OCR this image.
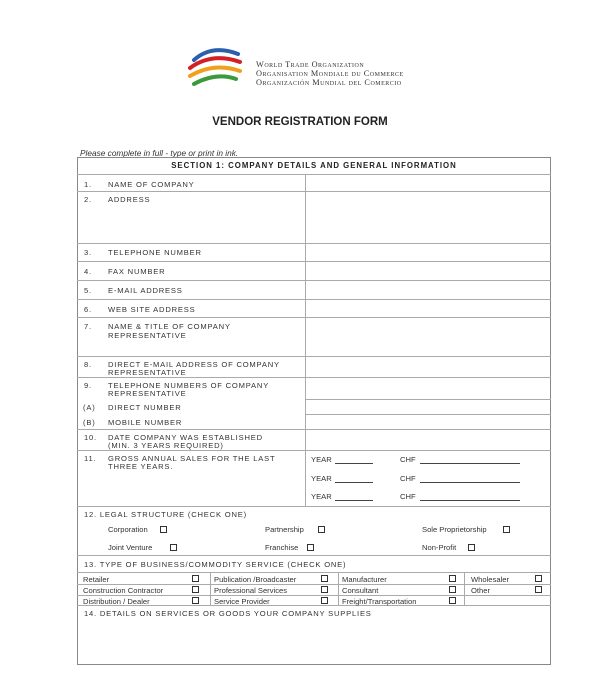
World Trade Organization
Organisation Mondiale du Commerce
Organización Mundial del Comercio
VENDOR REGISTRATION FORM
Please complete in full - type or print in ink.
SECTION 1: COMPANY DETAILS AND GENERAL INFORMATION
1. NAME OF COMPANY
2. ADDRESS
3. TELEPHONE NUMBER
4. FAX NUMBER
5. E-MAIL ADDRESS
6. WEB SITE ADDRESS
7. NAME & TITLE OF COMPANY
REPRESENTATIVE
8. DIRECT E-MAIL ADDRESS OF COMPANY
REPRESENTATIVE
9. TELEPHONE NUMBERS OF COMPANY
REPRESENTATIVE
(A) DIRECT NUMBER
(B) MOBILE NUMBER
10. DATE COMPANY WAS ESTABLISHED
(MIN. 3 YEARS REQUIRED)
11. GROSS ANNUAL SALES FOR THE LAST
THREE YEARS.
YEAR	CHF
YEAR	CHF
YEAR	CHF
12. LEGAL STRUCTURE (CHECK ONE)
Corporation	Partnership	Sole Proprietorship
Joint Venture	Franchise	Non-Profit
13. TYPE OF BUSINESS/COMMODITY SERVICE (CHECK ONE)
Retailer	Publication /Broadcaster	Manufacturer	Wholesaler
Construction Contractor	Professional Services	Consultant	Other
Distribution / Dealer	Service Provider	Freight/Transportation
14. DETAILS ON SERVICES OR GOODS YOUR COMPANY SUPPLIES
